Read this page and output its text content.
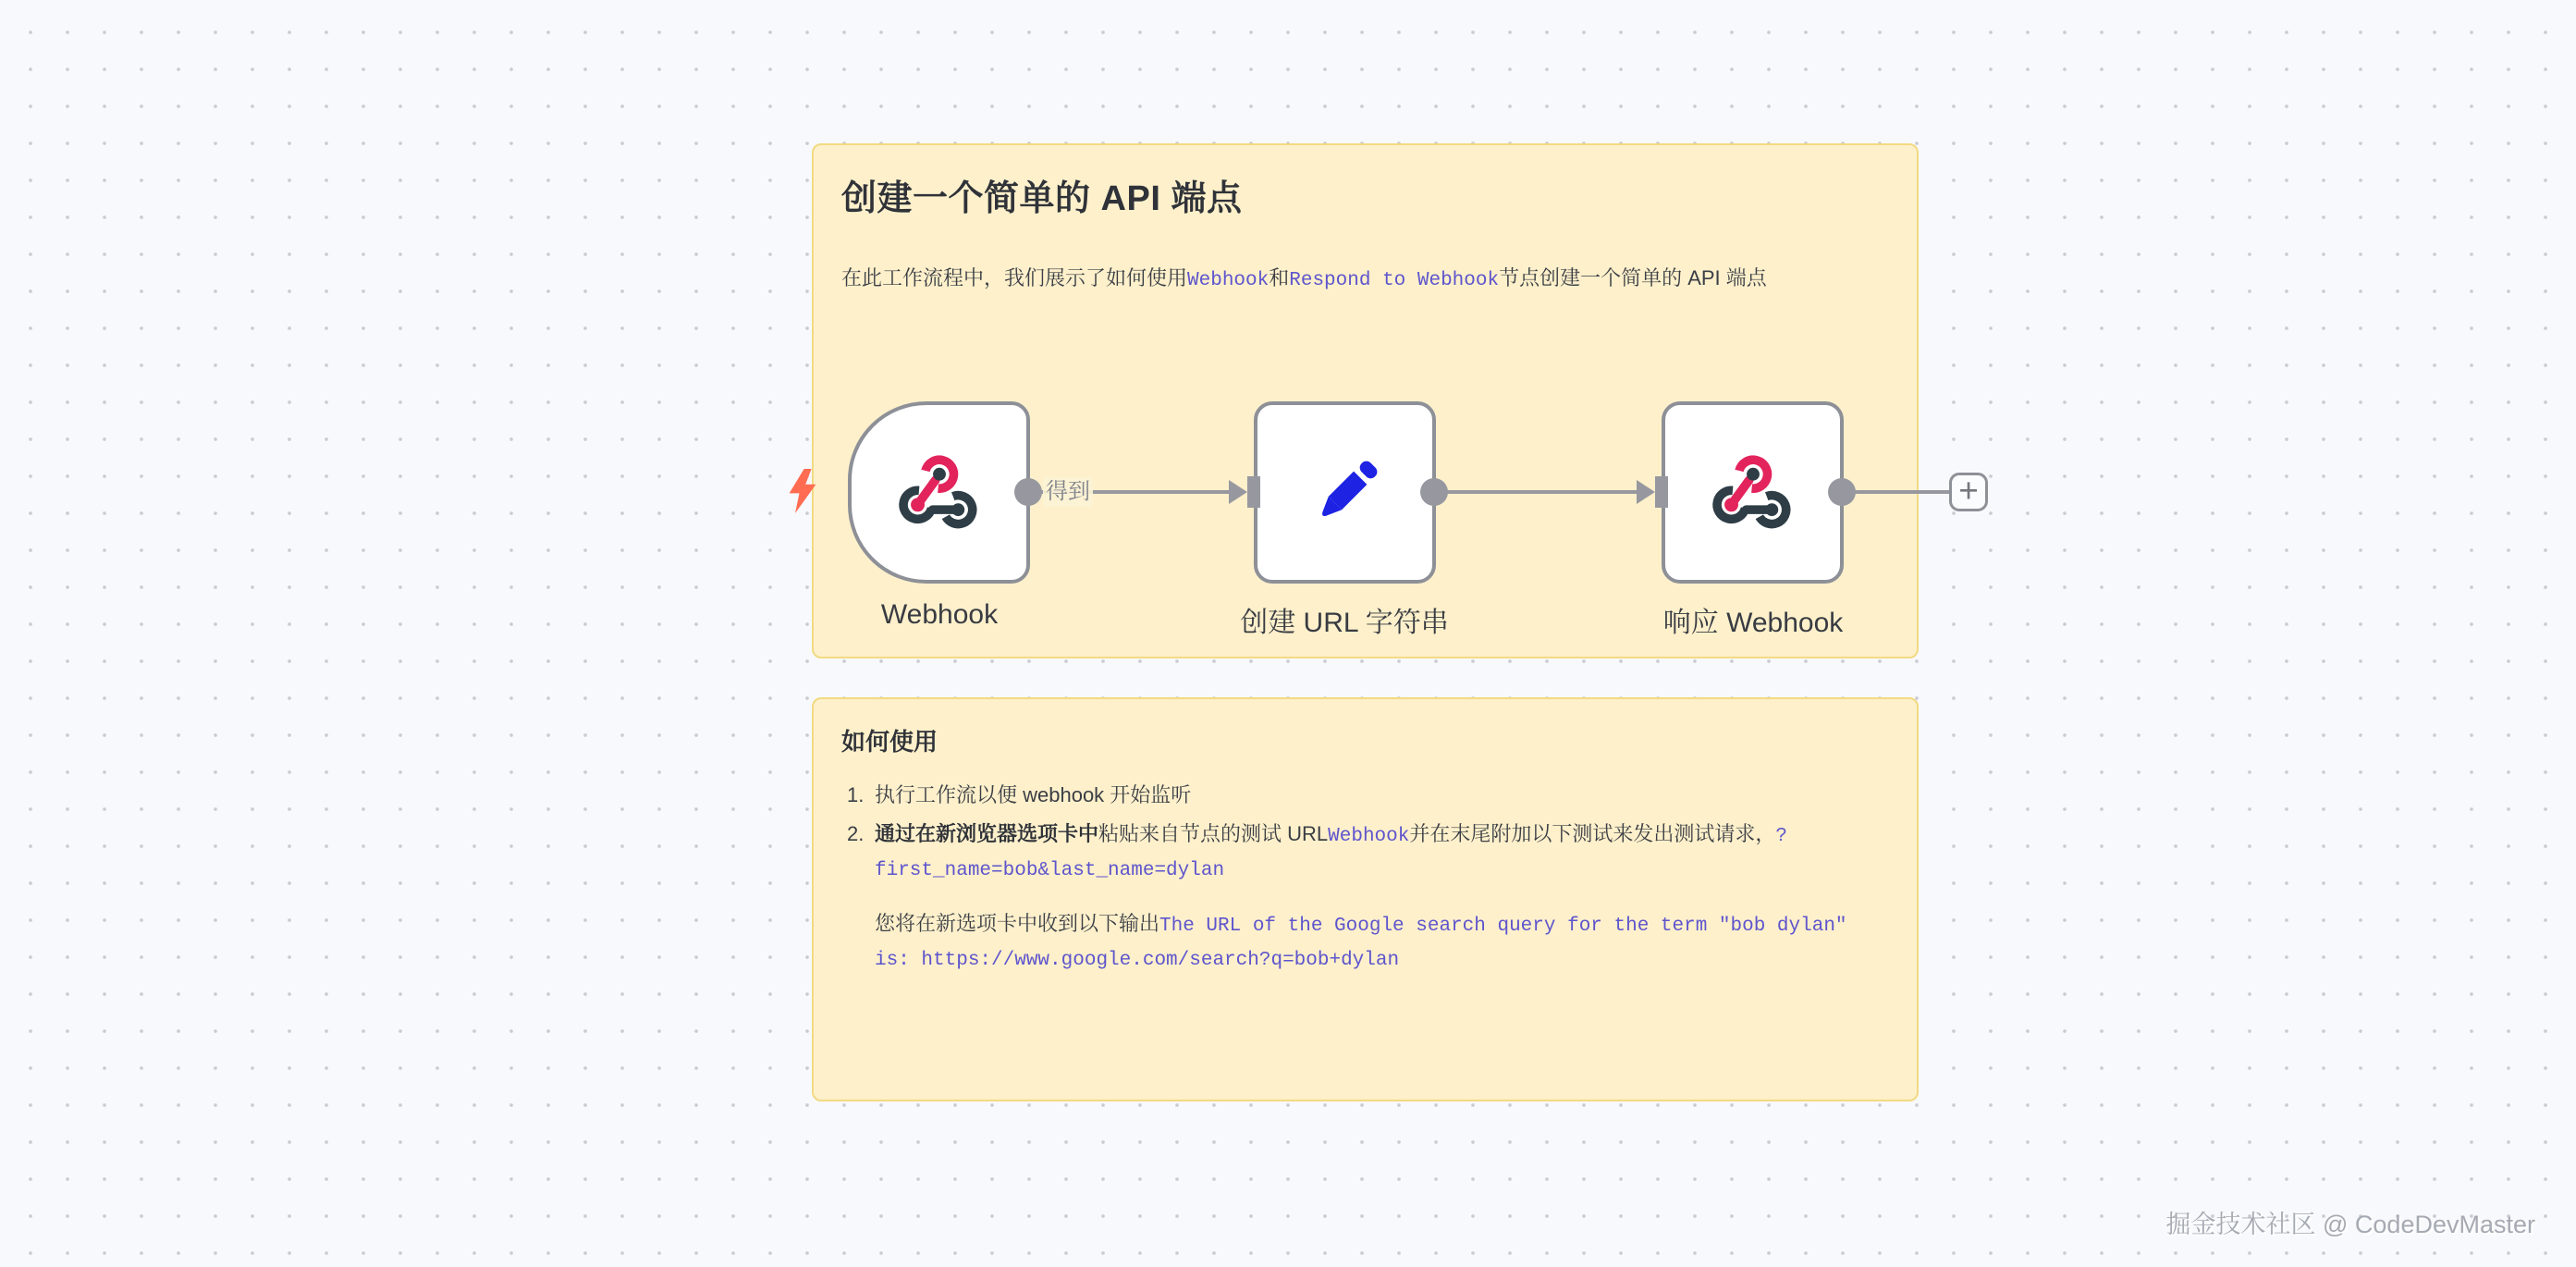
创建一个简单的 API 端点

在此工作流程中，我们展示了如何使用Webhook和Respond to Webhook节点创建一个简单的 API 端点

如何使用
1. 执行工作流以便 webhook 开始监听
2. 通过在新浏览器选项卡中粘贴来自节点的测试 URLWebhook并在末尾附加以下测试来发出测试请求，?first_name=bob&last_name=dylan

您将在新选项卡中收到以下输出The URL of the Google search query for the term "bob dylan" is: https://www.google.com/search?q=bob+dylan

Webhook	创建 URL 字符串	响应 Webhook
得到	+
掘金技术社区 @ CodeDevMaster
